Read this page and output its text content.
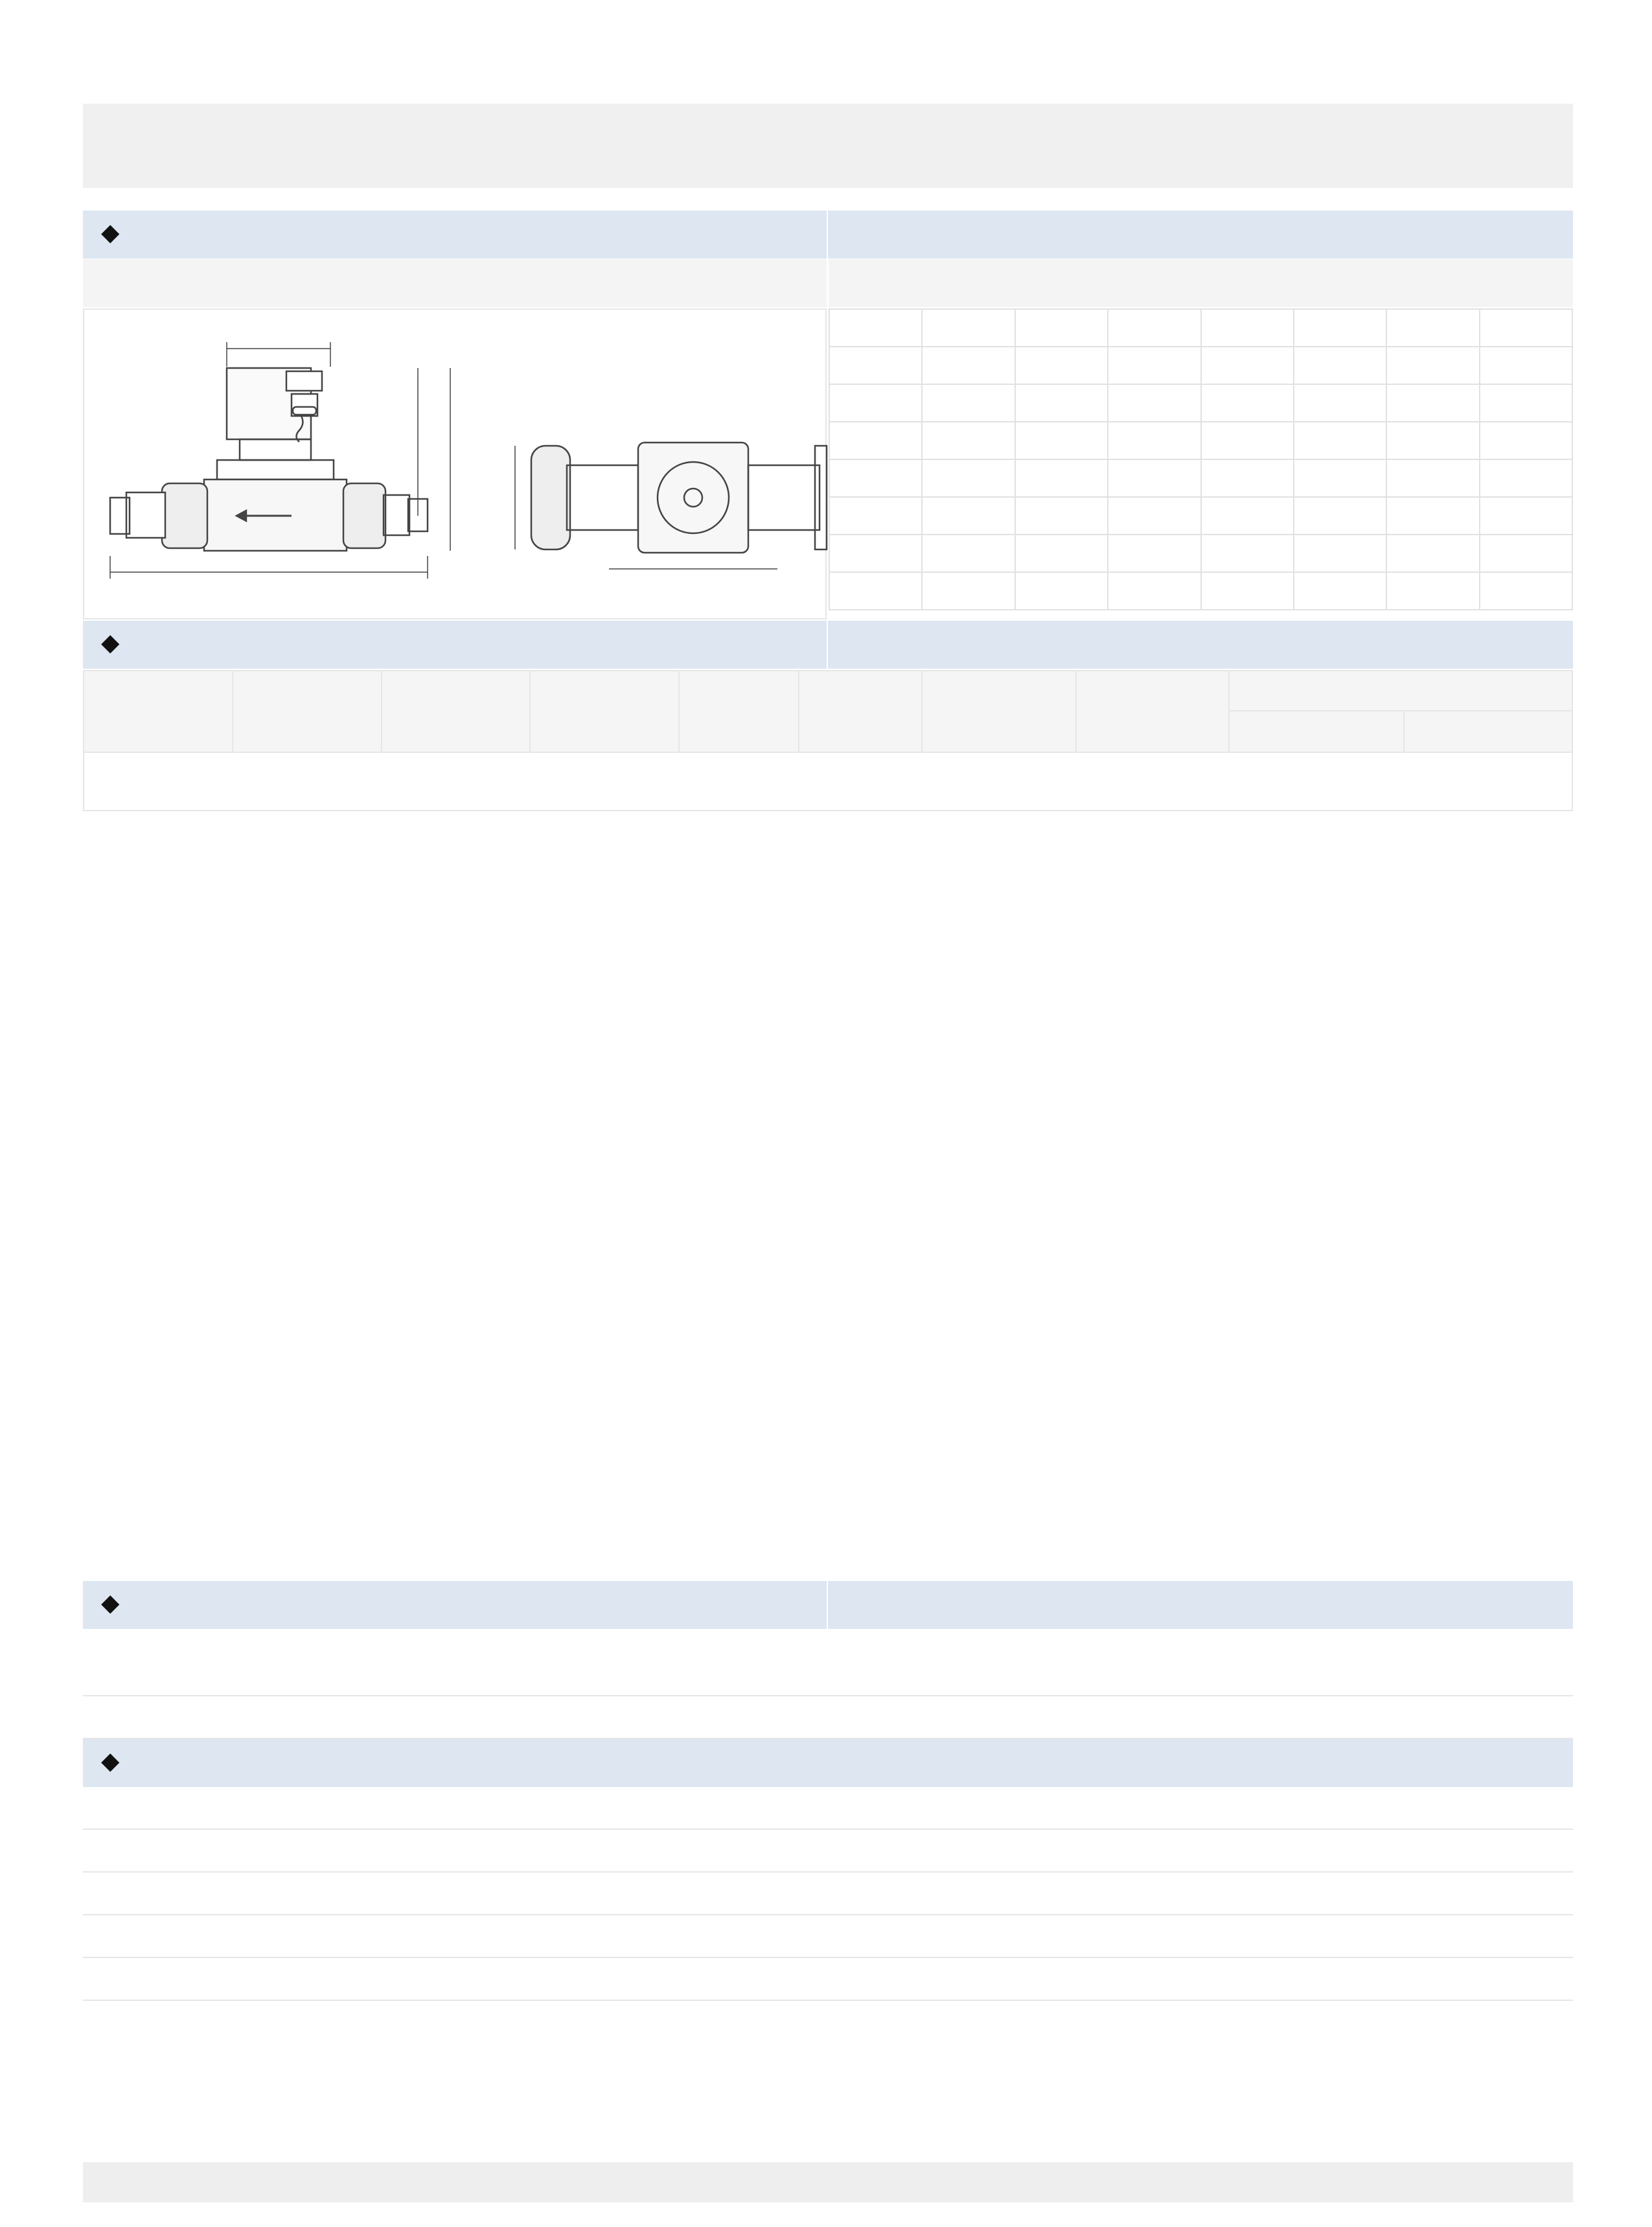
◆

◆

◆
◆
